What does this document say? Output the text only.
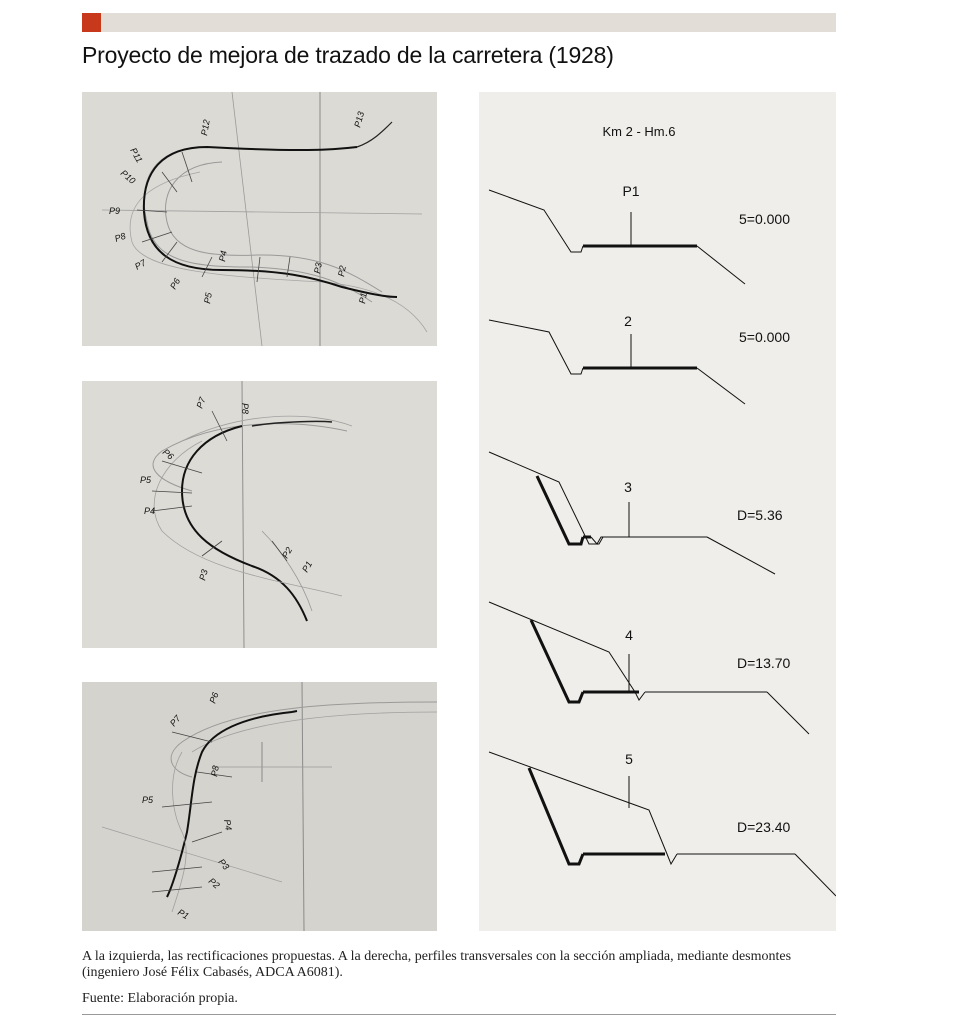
Proyecto de mejora de trazado de la carretera (1928)
P1
P2
P3
P4
P5
P6
P7
P8
P9
P10
P11
P12	P13
P7
P6
P5
P4
P3
P2
P1
P8
P7
P6
P5
P4
P3
P2
P1
P8
Km 2 - Hm.6
P1
5=0.000
2
5=0.000
3
D=5.36
4
D=13.70
5
D=23.40
A la izquierda, las rectificaciones propuestas. A la derecha, perfiles transversales con la sección ampliada, mediante desmontes (ingeniero José Félix Cabasés, ADCA A6081).
Fuente: Elaboración propia.
